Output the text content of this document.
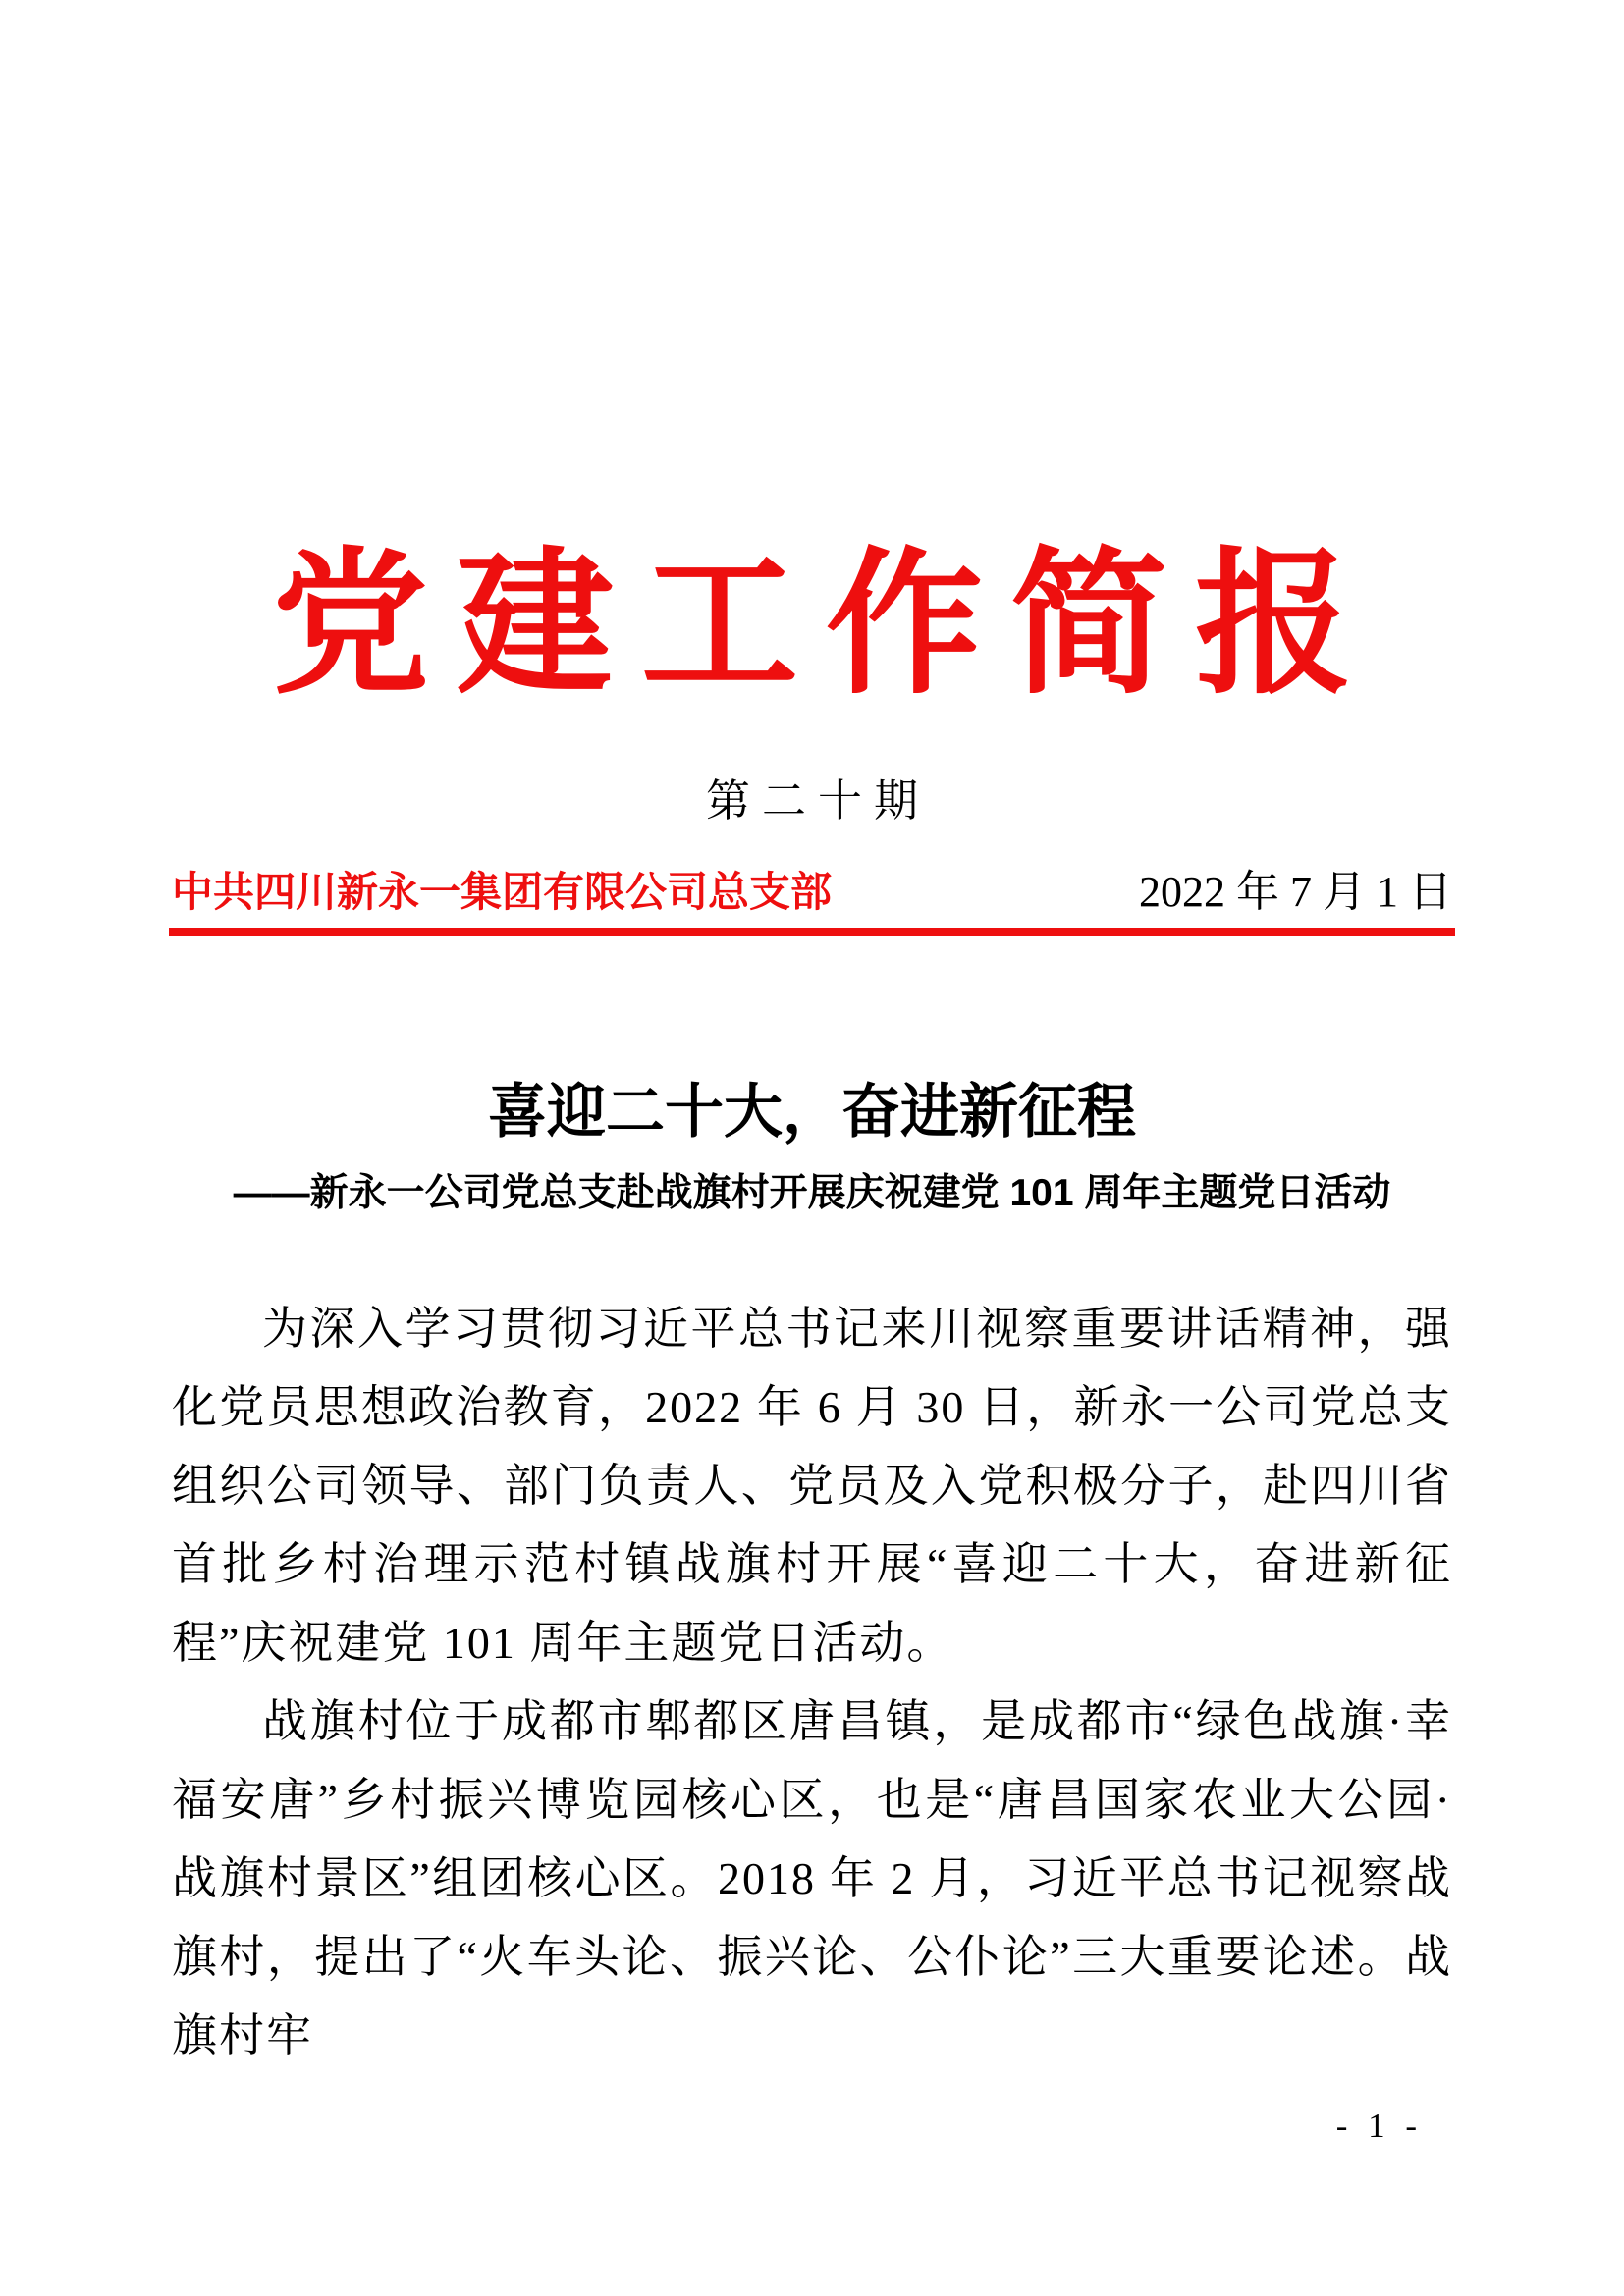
党建工作简报
第二十期
中共四川新永一集团有限公司总支部	2022 年 7 月 1 日
喜迎二十大，奋进新征程
——新永一公司党总支赴战旗村开展庆祝建党 101 周年主题党日活动

为深入学习贯彻习近平总书记来川视察重要讲话精神，强化党员思想政治教育，2022 年 6 月 30 日，新永一公司党总支组织公司领导、部门负责人、党员及入党积极分子，赴四川省首批乡村治理示范村镇战旗村开展“喜迎二十大，奋进新征程”庆祝建党 101 周年主题党日活动。

战旗村位于成都市郫都区唐昌镇，是成都市“绿色战旗·幸福安唐”乡村振兴博览园核心区，也是“唐昌国家农业大公园·战旗村景区”组团核心区。2018 年 2 月，习近平总书记视察战旗村，提出了“火车头论、振兴论、公仆论”三大重要论述。战旗村牢

- 1 -
